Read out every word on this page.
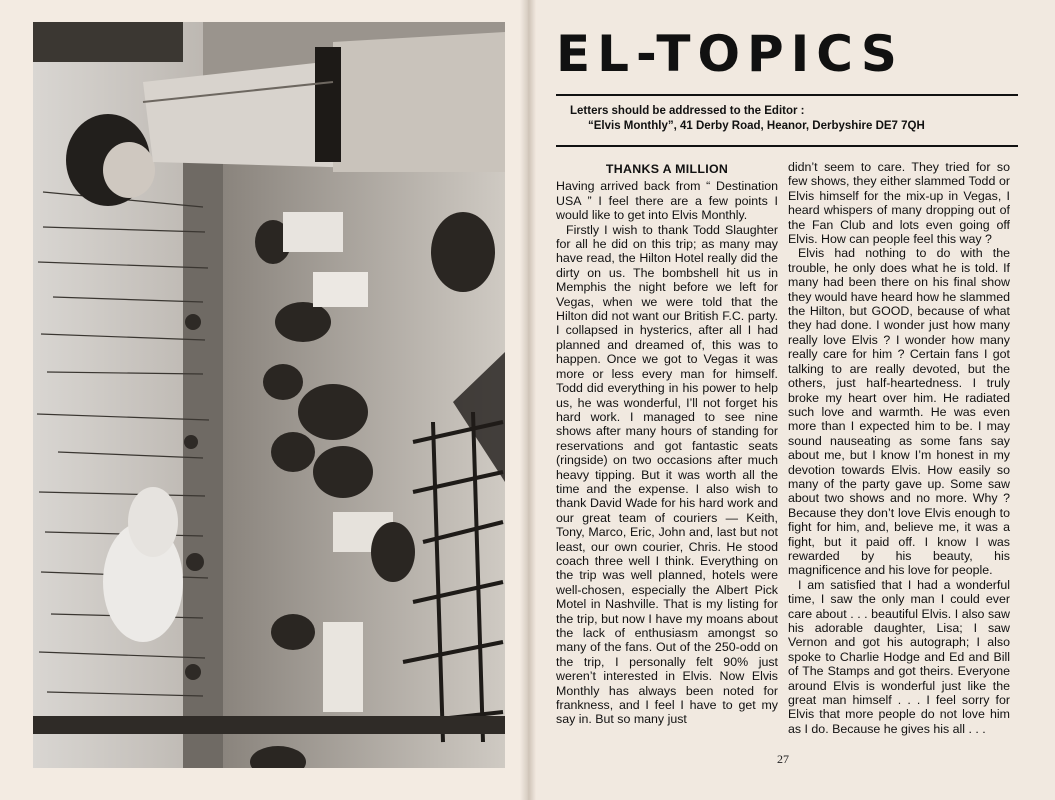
EL-TOPICS
Letters should be addressed to the Editor :
“Elvis Monthly”, 41 Derby Road, Heanor, Derbyshire DE7 7QH
THANKS A MILLION

Having arrived back from “ Destination USA ” I feel there are a few points I would like to get into Elvis Monthly.

Firstly I wish to thank Todd Slaughter for all he did on this trip; as many may have read, the Hilton Hotel really did the dirty on us. The bombshell hit us in Memphis the night before we left for Vegas, when we were told that the Hilton did not want our British F.C. party. I collapsed in hysterics, after all I had planned and dreamed of, this was to happen. Once we got to Vegas it was more or less every man for himself. Todd did everything in his power to help us, he was wonderful, I’ll not forget his hard work. I managed to see nine shows after many hours of standing for reservations and got fantastic seats (ringside) on two occasions after much heavy tipping. But it was worth all the time and the expense. I also wish to thank David Wade for his hard work and our great team of couriers — Keith, Tony, Marco, Eric, John and, last but not least, our own courier, Chris. He stood coach three well I think. Everything on the trip was well planned, hotels were well-chosen, especially the Albert Pick Motel in Nashville. That is my listing for the trip, but now I have my moans about the lack of enthusiasm amongst so many of the fans. Out of the 250-odd on the trip, I personally felt 90% just weren’t interested in Elvis. Now Elvis Monthly has always been noted for frankness, and I feel I have to get my say in. But so many just

didn’t seem to care. They tried for so few shows, they either slammed Todd or Elvis himself for the mix-up in Vegas, I heard whispers of many dropping out of the Fan Club and lots even going off Elvis. How can people feel this way ?

Elvis had nothing to do with the trouble, he only does what he is told. If many had been there on his final show they would have heard how he slammed the Hilton, but GOOD, because of what they had done. I wonder just how many really love Elvis ? I wonder how many really care for him ? Certain fans I got talking to are really devoted, but the others, just half-heartedness. I truly broke my heart over him. He radiated such love and warmth. He was even more than I expected him to be. I may sound nauseating as some fans say about me, but I know I’m honest in my devotion towards Elvis. How easily so many of the party gave up. Some saw about two shows and no more. Why ? Because they don’t love Elvis enough to fight for him, and, believe me, it was a fight, but it paid off. I know I was rewarded by his beauty, his magnificence and his love for people.

I am satisfied that I had a wonderful time, I saw the only man I could ever care about . . . beautiful Elvis. I also saw his adorable daughter, Lisa; I saw Vernon and got his autograph; I also spoke to Charlie Hodge and Ed and Bill of The Stamps and got theirs. Everyone around Elvis is wonderful just like the great man himself . . . I feel sorry for Elvis that more people do not love him as I do. Because he gives his all . . .

27
